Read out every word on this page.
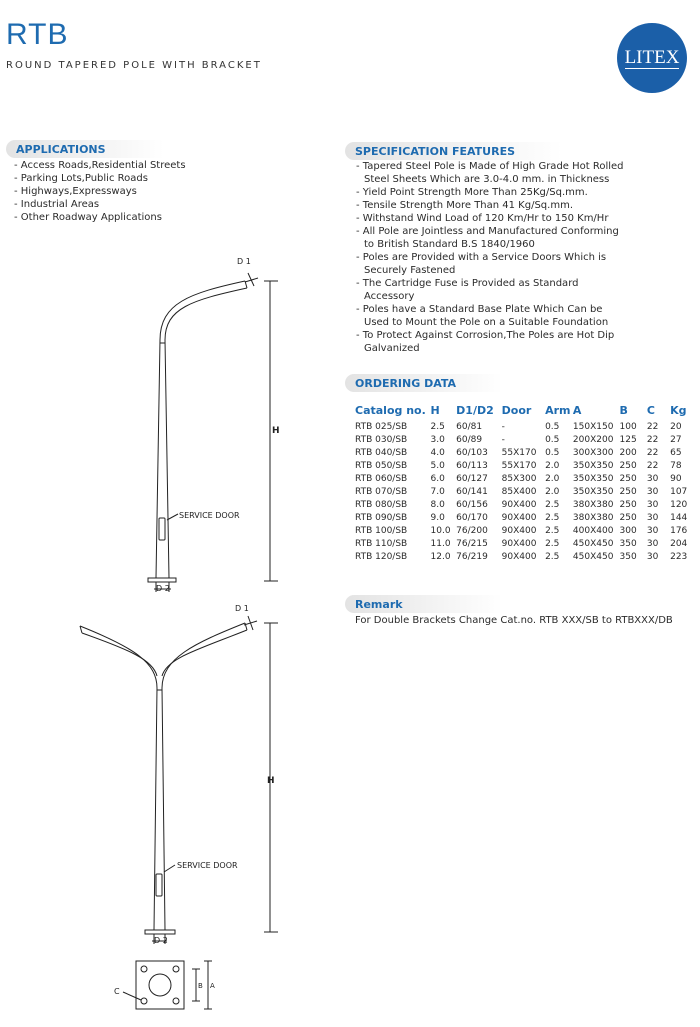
RTB
ROUND TAPERED POLE WITH BRACKET	LITEX
APPLICATIONS
- Access Roads,Residential Streets
- Parking Lots,Public Roads
- Highways,Expressways
- Industrial Areas
- Other Roadway Applications
SPECIFICATION FEATURES
- Tapered Steel Pole is Made of High Grade Hot Rolled Steel Sheets Which are 3.0-4.0 mm. in Thickness
- Yield Point Strength More Than 25Kg/Sq.mm.
- Tensile Strength More Than 41 Kg/Sq.mm.
- Withstand Wind Load of 120 Km/Hr to 150 Km/Hr
- All Pole are Jointless and Manufactured Conforming to British Standard B.S 1840/1960
- Poles are Provided with a Service Doors Which is Securely Fastened
- The Cartridge Fuse is Provided as Standard Accessory
- Poles have a Standard Base Plate Which Can be Used to Mount the Pole on a Suitable Foundation
- To Protect Against Corrosion,The Poles are Hot Dip Galvanized
ORDERING DATA
Catalog no.	H	D1/D2	Door	Arm	A	B	C	Kg
RTB 025/SB	2.5	60/81	-	0.5	150X150	100	22	20
RTB 030/SB	3.0	60/89	-	0.5	200X200	125	22	27
RTB 040/SB	4.0	60/103	55X170	0.5	300X300	200	22	65
RTB 050/SB	5.0	60/113	55X170	2.0	350X350	250	22	78
RTB 060/SB	6.0	60/127	85X300	2.0	350X350	250	30	90
RTB 070/SB	7.0	60/141	85X400	2.0	350X350	250	30	107
RTB 080/SB	8.0	60/156	90X400	2.5	380X380	250	30	120
RTB 090/SB	9.0	60/170	90X400	2.5	380X380	250	30	144
RTB 100/SB	10.0	76/200	90X400	2.5	400X400	300	30	176
RTB 110/SB	11.0	76/215	90X400	2.5	450X450	350	30	204
RTB 120/SB	12.0	76/219	90X400	2.5	450X450	350	30	223
Remark
For Double Brackets Change Cat.no. RTB XXX/SB to RTBXXX/DB
D 1
H
SERVICE DOOR
D 2
D 1
H
SERVICE DOOR
D 2
B A
C
